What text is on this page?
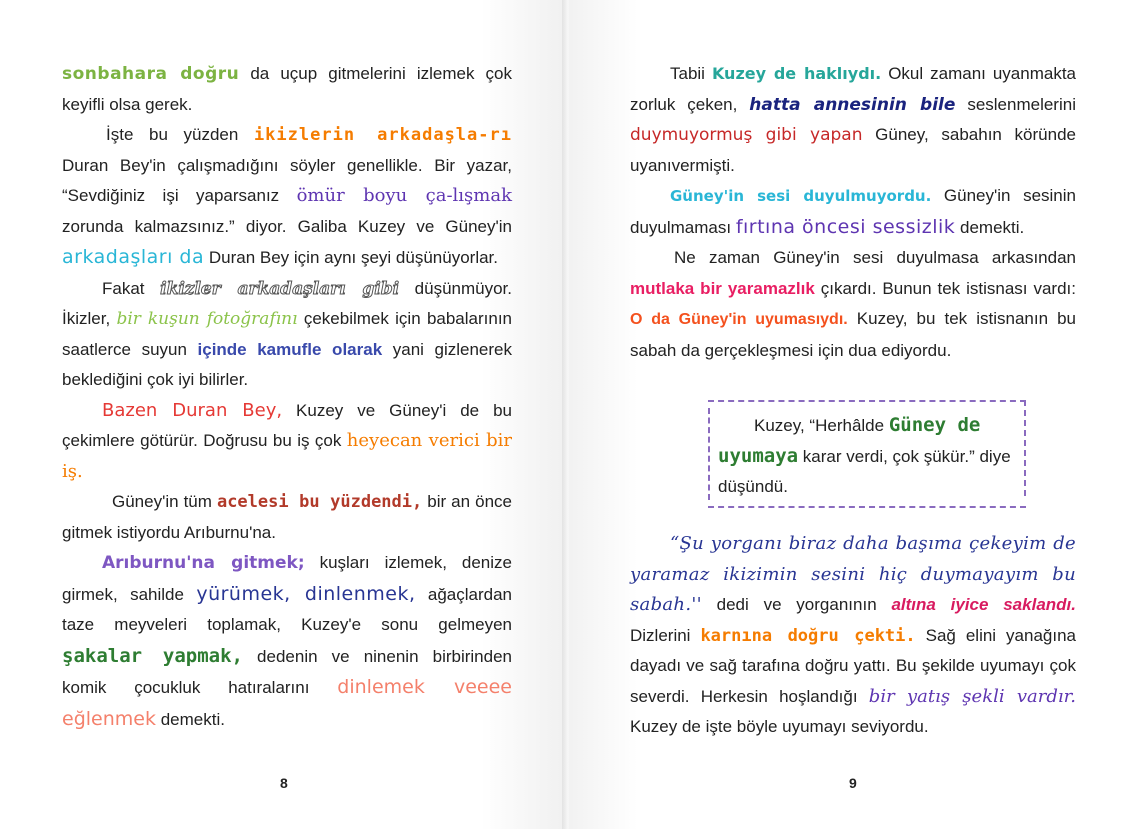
sonbahara doğru da uçup gitmelerini izlemek çok keyifli olsa gerek.

İşte bu yüzden ikizlerin arkadaşla-rı Duran Bey'in çalışmadığını söyler genellikle. Bir yazar, “Sevdiğiniz işi yaparsanız ömür boyu ça-lışmak zorunda kalmazsınız.” diyor. Galiba Kuzey ve Güney'in arkadaşları da Duran Bey için aynı şeyi düşünüyorlar.

Fakat ikizler arkadaşları gibi düşünmüyor. İkizler, bir kuşun fotoğrafını çekebilmek için babalarının saatlerce suyun içinde kamufle olarak yani gizlenerek beklediğini çok iyi bilirler.

Bazen Duran Bey, Kuzey ve Güney'i de bu çekimlere götürür. Doğrusu bu iş çok heyecan verici bir iş.

Güney'in tüm acelesi bu yüzdendi, bir an önce gitmek istiyordu Arıburnu'na.

Arıburnu'na gitmek; kuşları izlemek, denize girmek, sahilde yürümek, dinlenmek, ağaçlardan taze meyveleri toplamak, Kuzey'e sonu gelmeyen şakalar yapmak, dedenin ve ninenin birbirinden komik çocukluk hatıralarını dinlemek veeee eğlenmek demekti.

8

Tabii Kuzey de haklıydı. Okul zamanı uyanmakta zorluk çeken, hatta annesinin bile seslenmelerini duymuyormuş gibi yapan Güney, sabahın köründe uyanıvermişti.

Güney'in sesi duyulmuyordu. Güney'in sesinin duyulmaması fırtına öncesi sessizlik demekti.

Ne zaman Güney'in sesi duyulmasa arkasından mutlaka bir yaramazlık çıkardı. Bunun tek istisnası vardı: O da Güney'in uyumasıydı. Kuzey, bu tek istisnanın bu sabah da gerçekleşmesi için dua ediyordu.

Kuzey, “Herhâlde Güney de uyumaya karar verdi, çok şükür.” diye düşündü.

“Şu yorganı biraz daha başıma çekeyim de yaramaz ikizimin sesini hiç duymayayım bu sabah.'' dedi ve yorganının altına iyice saklandı. Dizlerini karnına doğru çekti. Sağ elini yanağına dayadı ve sağ tarafına doğru yattı. Bu şekilde uyumayı çok severdi. Herkesin hoşlandığı bir yatış şekli vardır. Kuzey de işte böyle uyumayı seviyordu.

9
